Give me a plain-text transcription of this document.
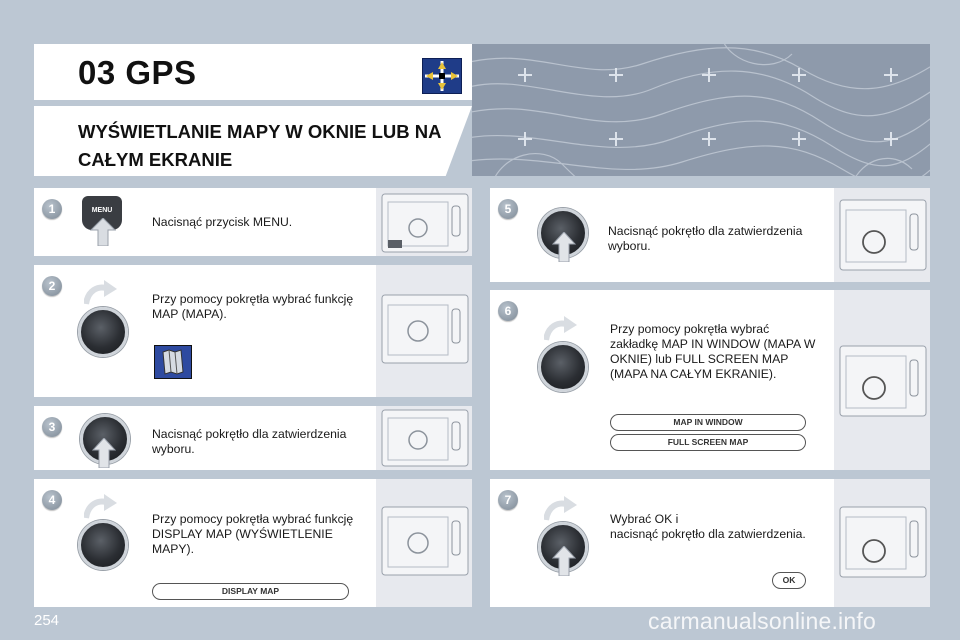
03 GPS
WYŚWIETLANIE MAPY W OKNIE LUB NA CAŁYM EKRANIE
1	MENU
Nacisnąć przycisk MENU.
2
Przy pomocy pokrętła wybrać funkcję MAP (MAPA).
3	Nacisnąć pokrętło dla zatwierdzenia wyboru.
4
Przy pomocy pokrętła wybrać funkcję DISPLAY MAP (WYŚWIETLENIE MAPY).
DISPLAY MAP
5
Nacisnąć pokrętło dla zatwierdzenia wyboru.
6
Przy pomocy pokrętła wybrać zakładkę MAP IN WINDOW (MAPA W OKNIE) lub FULL SCREEN MAP (MAPA NA CAŁYM EKRANIE).
MAP IN WINDOW
FULL SCREEN MAP
7
Wybrać OK i
nacisnąć pokrętło dla zatwierdzenia.
OK
254	carmanualsonline.info
